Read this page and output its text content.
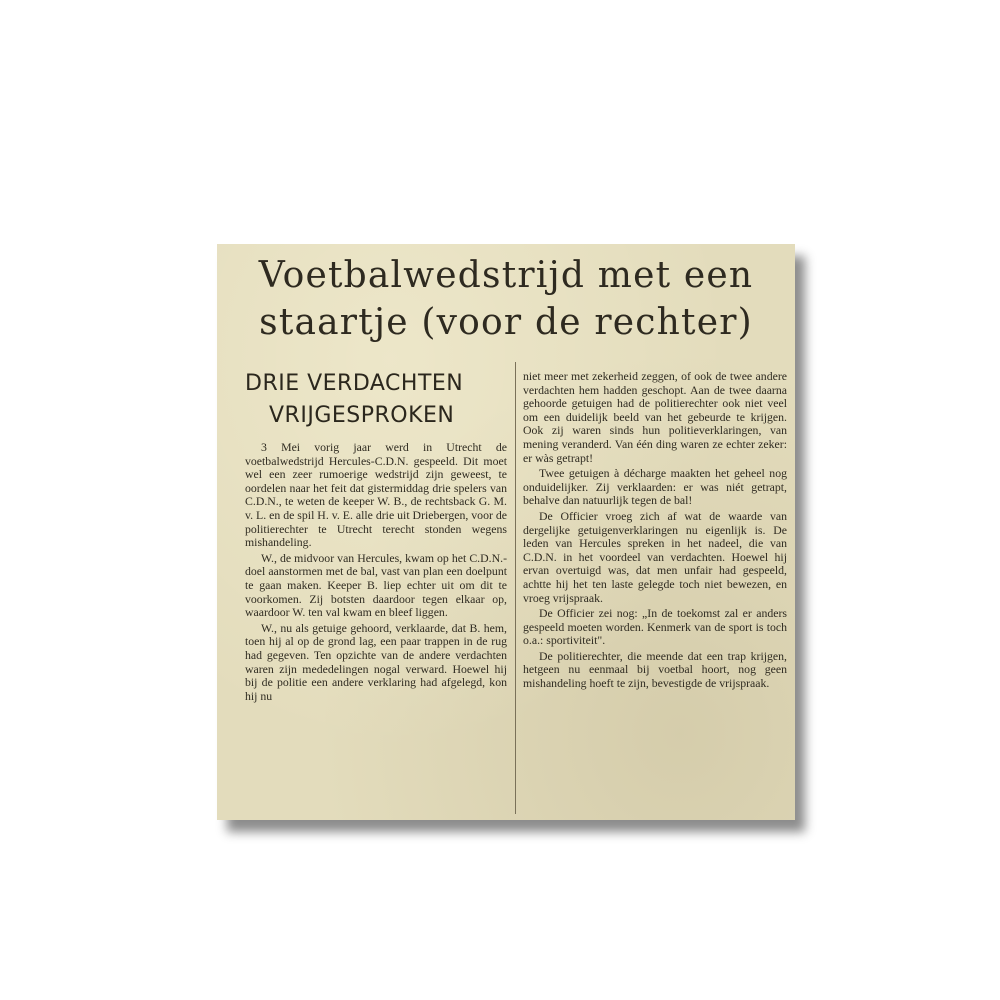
Voetbalwedstrijd met een
staartje (voor de rechter)
DRIE VERDACHTEN
VRIJGESPROKEN

3 Mei vorig jaar werd in Utrecht de voetbalwedstrijd Hercules-C.D.N. gespeeld. Dit moet wel een zeer rumoerige wedstrijd zijn geweest, te oordelen naar het feit dat gistermiddag drie spelers van C.D.N., te weten de keeper W. B., de rechtsback G. M. v. L. en de spil H. v. E. alle drie uit Driebergen, voor de politierechter te Utrecht terecht stonden wegens mishandeling.

W., de midvoor van Hercules, kwam op het C.D.N.-doel aanstormen met de bal, vast van plan een doelpunt te gaan maken. Keeper B. liep echter uit om dit te voorkomen. Zij botsten daardoor tegen elkaar op, waardoor W. ten val kwam en bleef liggen.

W., nu als getuige gehoord, verklaarde, dat B. hem, toen hij al op de grond lag, een paar trappen in de rug had gegeven. Ten opzichte van de andere verdachten waren zijn mededelingen nogal verward. Hoewel hij bij de politie een andere verklaring had afgelegd, kon hij nu

niet meer met zekerheid zeggen, of ook de twee andere verdachten hem hadden geschopt. Aan de twee daarna gehoorde getuigen had de politierechter ook niet veel om een duidelijk beeld van het gebeurde te krijgen. Ook zij waren sinds hun politieverklaringen, van mening veranderd. Van één ding waren ze echter zeker: er wàs getrapt!

Twee getuigen à décharge maakten het geheel nog onduidelijker. Zij verklaarden: er was niét getrapt, behalve dan natuurlijk tegen de bal!

De Officier vroeg zich af wat de waarde van dergelijke getuigenverklaringen nu eigenlijk is. De leden van Hercules spreken in het nadeel, die van C.D.N. in het voordeel van verdachten. Hoewel hij ervan overtuigd was, dat men unfair had gespeeld, achtte hij het ten laste gelegde toch niet bewezen, en vroeg vrijspraak.

De Officier zei nog: „In de toekomst zal er anders gespeeld moeten worden. Kenmerk van de sport is toch o.a.: sportiviteit".

De politierechter, die meende dat een trap krijgen, hetgeen nu eenmaal bij voetbal hoort, nog geen mishandeling hoeft te zijn, bevestigde de vrijspraak.
